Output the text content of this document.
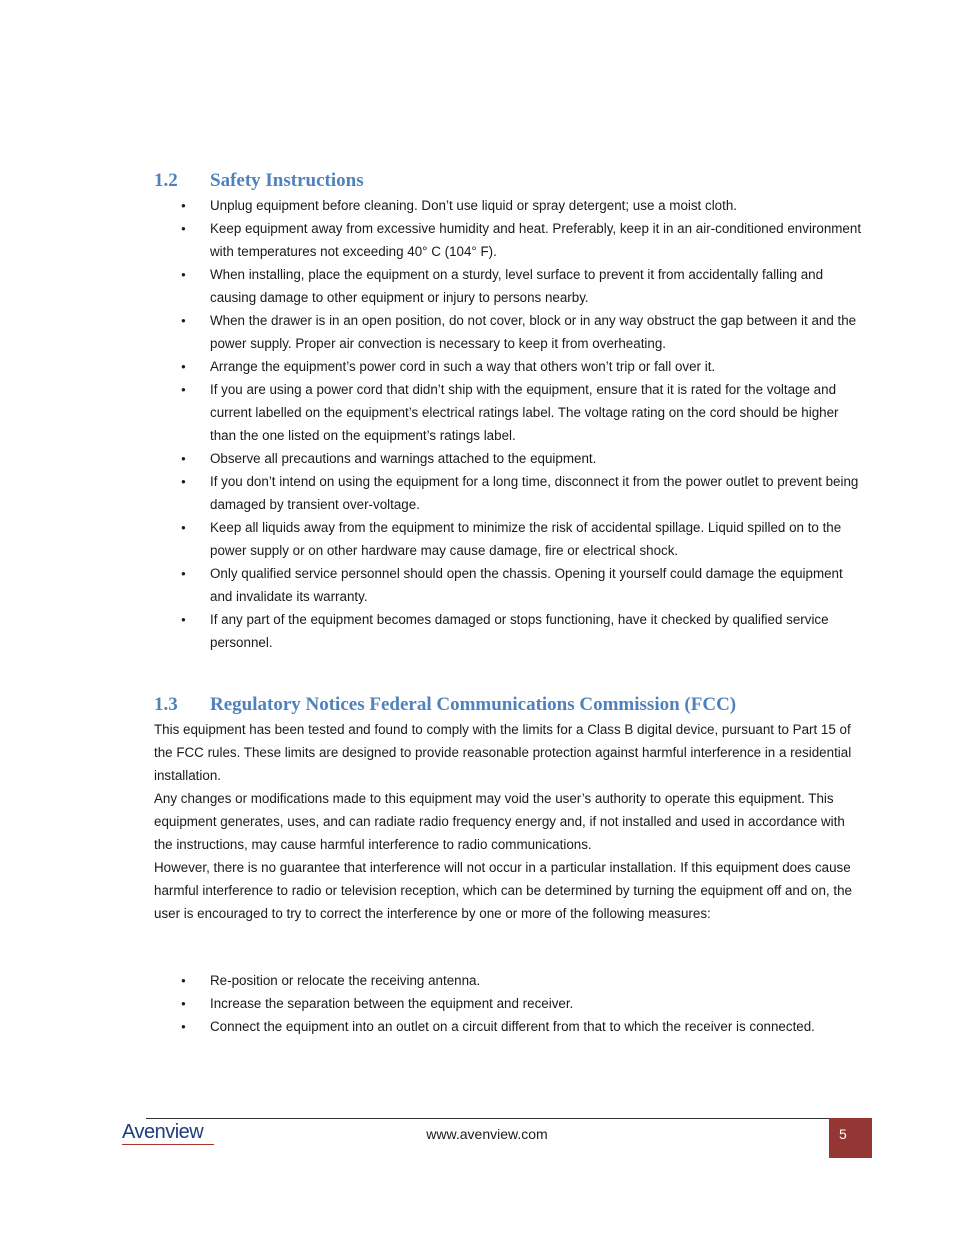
1.2	Safety Instructions
● Unplug equipment before cleaning. Don’t use liquid or spray detergent; use a moist cloth.
● Keep equipment away from excessive humidity and heat. Preferably, keep it in an air-conditioned environment with temperatures not exceeding 40° C (104° F).
● When installing, place the equipment on a sturdy, level surface to prevent it from accidentally falling and causing damage to other equipment or injury to persons nearby.
● When the drawer is in an open position, do not cover, block or in any way obstruct the gap between it and the power supply. Proper air convection is necessary to keep it from overheating.
● Arrange the equipment’s power cord in such a way that others won’t trip or fall over it.
● If you are using a power cord that didn’t ship with the equipment, ensure that it is rated for the voltage and current labelled on the equipment’s electrical ratings label. The voltage rating on the cord should be higher than the one listed on the equipment’s ratings label.
● Observe all precautions and warnings attached to the equipment.
● If you don’t intend on using the equipment for a long time, disconnect it from the power outlet to prevent being damaged by transient over-voltage.
● Keep all liquids away from the equipment to minimize the risk of accidental spillage. Liquid spilled on to the power supply or on other hardware may cause damage, fire or electrical shock.
● Only qualified service personnel should open the chassis. Opening it yourself could damage the equipment and invalidate its warranty.
● If any part of the equipment becomes damaged or stops functioning, have it checked by qualified service personnel.
1.3	Regulatory Notices Federal Communications Commission (FCC)

This equipment has been tested and found to comply with the limits for a Class B digital device, pursuant to Part 15 of the FCC rules. These limits are designed to provide reasonable protection against harmful interference in a residential installation.

Any changes or modifications made to this equipment may void the user’s authority to operate this equipment. This equipment generates, uses, and can radiate radio frequency energy and, if not installed and used in accordance with the instructions, may cause harmful interference to radio communications.

However, there is no guarantee that interference will not occur in a particular installation. If this equipment does cause harmful interference to radio or television reception, which can be determined by turning the equipment off and on, the user is encouraged to try to correct the interference by one or more of the following measures:

● Re-position or relocate the receiving antenna.
● Increase the separation between the equipment and receiver.
● Connect the equipment into an outlet on a circuit different from that to which the receiver is connected.
Avenview	www.avenview.com	5
